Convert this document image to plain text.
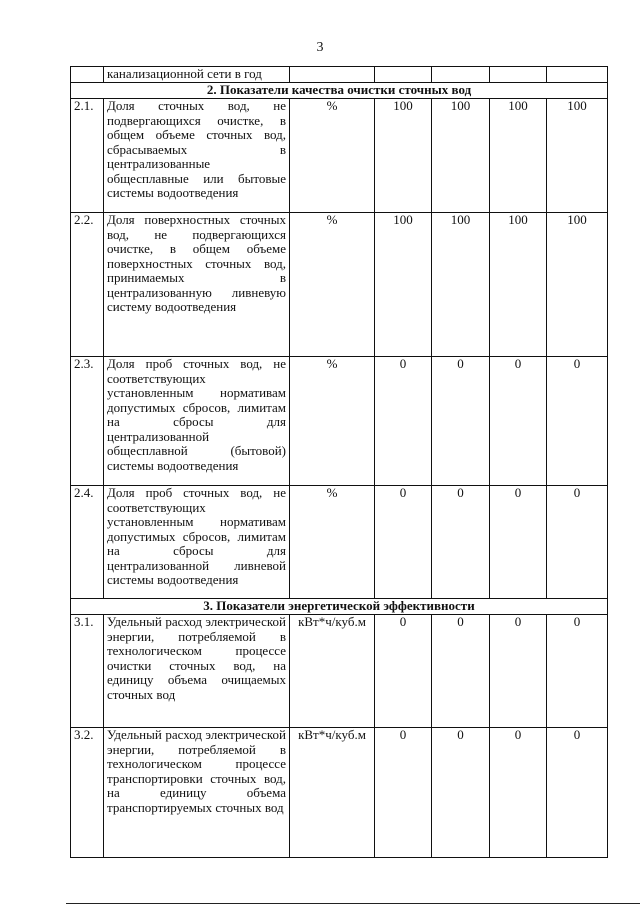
3
	канализационной сети в год					
2. Показатели качества очистки сточных вод						
2.1.	Доля сточных вод, не подвергающихся очистке, в общем объеме сточных вод, сбрасываемых в централизованные общесплавные или бытовые системы водоотведения	%	100	100	100	100
2.2.	Доля поверхностных сточных вод, не подвергающихся очистке, в общем объеме поверхностных сточных вод, принимаемых в централизованную ливневую систему водоотведения	%	100	100	100	100
2.3.	Доля проб сточных вод, не соответствующих установленным нормативам допустимых сбросов, лимитам на сбросы для централизованной общесплавной (бытовой) системы водоотведения	%	0	0	0	0
2.4.	Доля проб сточных вод, не соответствующих установленным нормативам допустимых сбросов, лимитам на сбросы для централизованной ливневой системы водоотведения	%	0	0	0	0
3. Показатели энергетической эффективности						
3.1.	Удельный расход электрической энергии, потребляемой в технологическом процессе очистки сточных вод, на единицу объема очищаемых сточных вод	кВт*ч/куб.м	0	0	0	0
3.2.	Удельный расход электрической энергии, потребляемой в технологическом процессе транспортировки сточных вод, на единицу объема транспортируемых сточных вод	кВт*ч/куб.м	0	0	0	0
